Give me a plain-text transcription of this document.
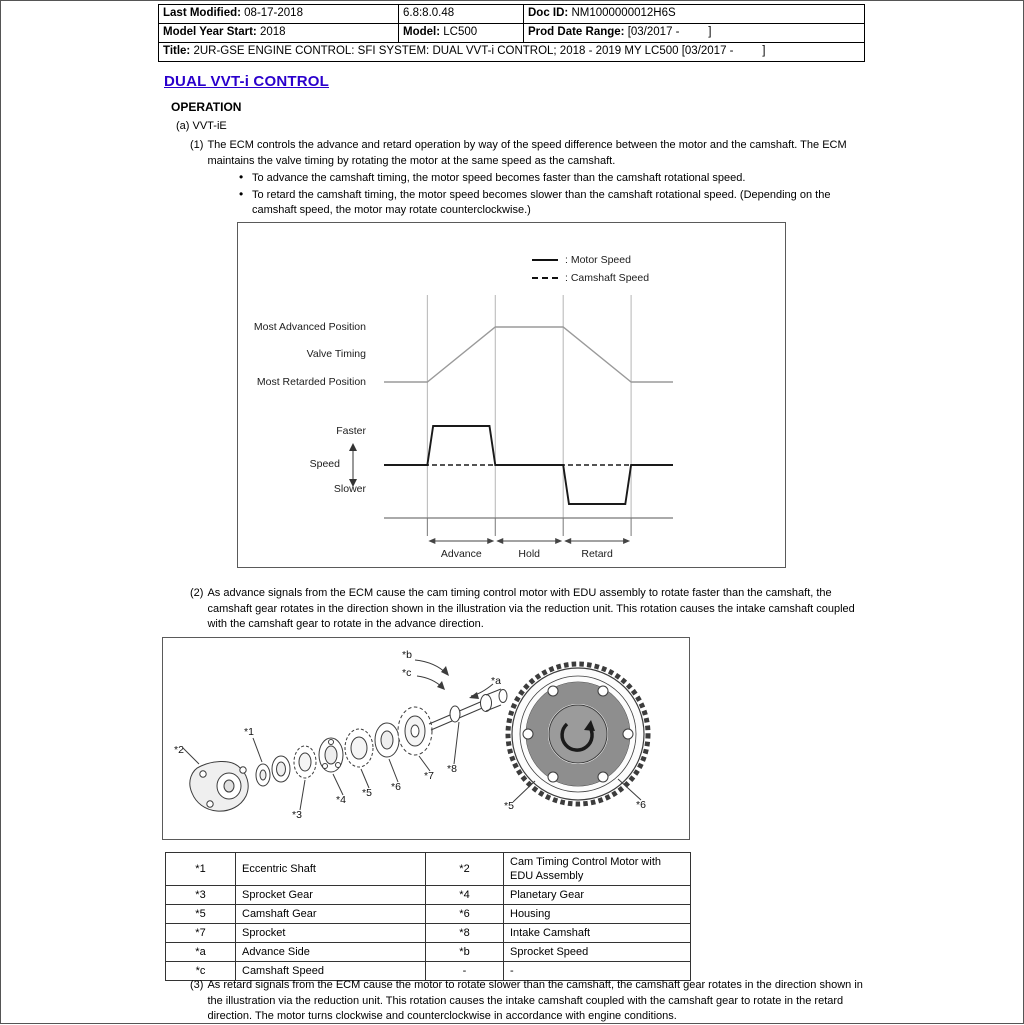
Last Modified: 08-17-2018	6.8:8.0.48	Doc ID: NM1000000012H6S
Model Year Start: 2018	Model: LC500	Prod Date Range: [03/2017 -         ]
Title: 2UR-GSE ENGINE CONTROL: SFI SYSTEM: DUAL VVT-i CONTROL; 2018 - 2019 MY LC500 [03/2017 -         ]		
DUAL VVT-i CONTROL
OPERATION
(a) VVT-iE
(1) The ECM controls the advance and retard operation by way of the speed difference between the motor and the camshaft. The ECM maintains the valve timing by rotating the motor at the same speed as the camshaft.
• To advance the camshaft timing, the motor speed becomes faster than the camshaft rotational speed.
• To retard the camshaft timing, the motor speed becomes slower than the camshaft rotational speed. (Depending on the camshaft speed, the motor may rotate counterclockwise.)
Advance	Hold	Retard
: Motor Speed
: Camshaft Speed
Most Advanced Position
Valve Timing
Most Retarded Position
Faster
Speed
Slower
(2) As advance signals from the ECM cause the cam timing control motor with EDU assembly to rotate faster than the camshaft, the camshaft gear rotates in the direction shown in the illustration via the reduction unit. This rotation causes the intake camshaft coupled with the camshaft gear to rotate in the advance direction.
*b
*c
*a
*2
*1
*3
*4
*5 *6
*7
*8
*5	*6
*1	Eccentric Shaft	*2	Cam Timing Control Motor with EDU Assembly
*3	Sprocket Gear	*4	Planetary Gear
*5	Camshaft Gear	*6	Housing
*7	Sprocket	*8	Intake Camshaft
*a	Advance Side	*b	Sprocket Speed
*c	Camshaft Speed	-	-
(3) As retard signals from the ECM cause the motor to rotate slower than the camshaft, the camshaft gear rotates in the direction shown in the illustration via the reduction unit. This rotation causes the intake camshaft coupled with the camshaft gear to rotate in the retard direction. The motor turns clockwise and counterclockwise in accordance with engine conditions.
